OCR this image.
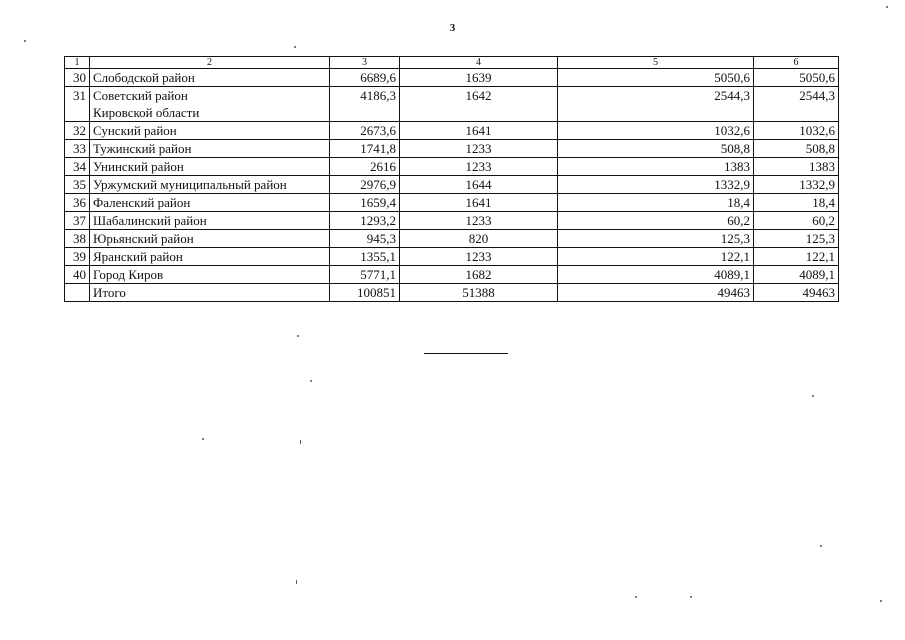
3
1	2	3	4	5	6
30	Слободской район	6689,6	1639	5050,6	5050,6
31	Советский район
Кировской области	4186,3	1642	2544,3	2544,3
32	Сунский район	2673,6	1641	1032,6	1032,6
33	Тужинский район	1741,8	1233	508,8	508,8
34	Унинский район	2616	1233	1383	1383
35	Уржумский муниципальный район	2976,9	1644	1332,9	1332,9
36	Фаленский район	1659,4	1641	18,4	18,4
37	Шабалинский район	1293,2	1233	60,2	60,2
38	Юрьянский район	945,3	820	125,3	125,3
39	Яранский район	1355,1	1233	122,1	122,1
40	Город Киров	5771,1	1682	4089,1	4089,1

	Итого	100851	51388	49463	49463
